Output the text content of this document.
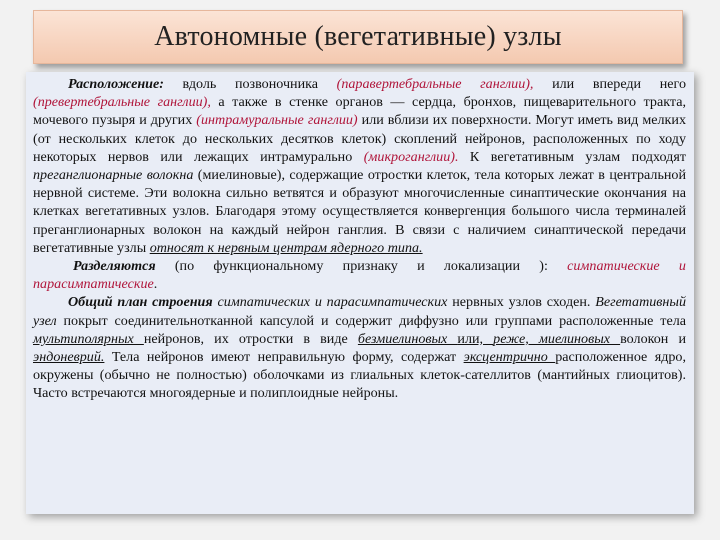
Автономные (вегетативные) узлы

Расположение: вдоль позвоночника (паравертебральные ганглии), или впереди него (превертебральные ганглии), а также в стенке органов — сердца, бронхов, пищеварительного тракта, мочевого пузыря и других (интрамуральные ганглии) или вблизи их поверхности. Могут иметь вид мелких (от нескольких клеток до нескольких десятков клеток) скоплений нейронов, расположенных по ходу некоторых нервов или лежащих интрамурально (микроганглии). К вегетативным узлам подходят преганглионарные волокна (миелиновые), содержащие отростки клеток, тела которых лежат в центральной нервной системе. Эти волокна сильно ветвятся и образуют многочисленные синаптические окончания на клетках вегетативных узлов. Благодаря этому осуществляется конвергенция большого числа терминалей преганглионарных волокон на каждый нейрон ганглия. В связи с наличием синаптической передачи вегетативные узлы относят к нервным центрам ядерного типа.

Разделяются (по функциональному признаку и локализации ): симпатические и парасимпатические.

Общий план строения симпатических и парасимпатических нервных узлов сходен. Вегетативный узел покрыт соединительнотканной капсулой и содержит диффузно или группами расположенные тела мультиполярных нейронов, их отростки в виде безмиелиновых или, реже, миелиновых волокон и эндоневрий. Тела нейронов имеют неправильную форму, содержат эксцентрично расположенное ядро, окружены (обычно не полностью) оболочками из глиальных клеток-сателлитов (мантийных глиоцитов). Часто встречаются многоядерные и полиплоидные нейроны.
